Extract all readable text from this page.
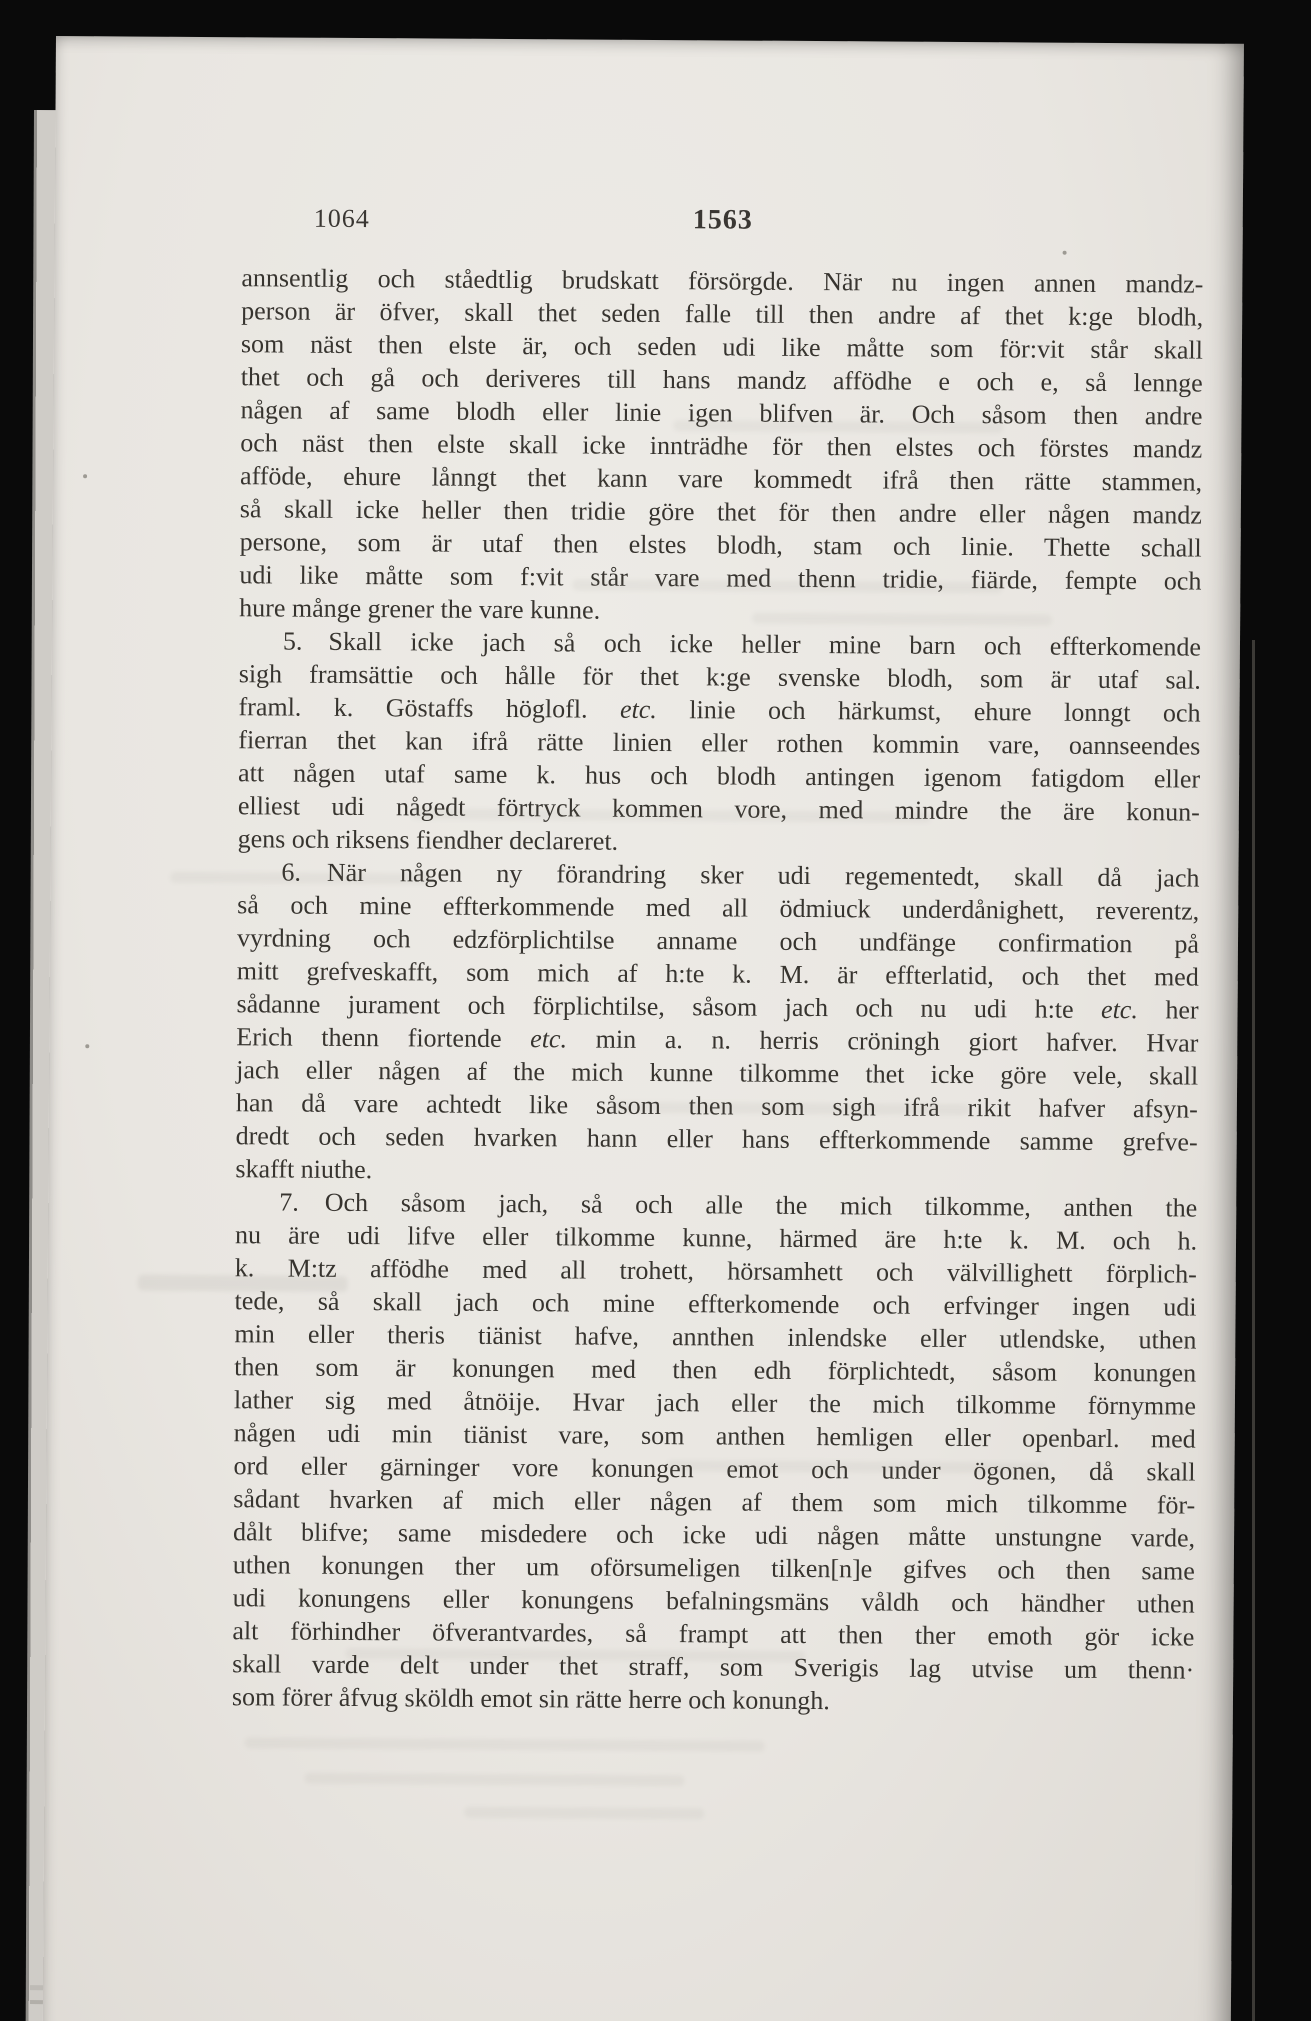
1064	1563
annsentlig och ståedtlig brudskatt försörgde. När nu ingen annen mandz-
person är öfver, skall thet seden falle till then andre af thet k:ge blodh,
som näst then elste är, och seden udi like måtte som för:vit står skall
thet och gå och deriveres till hans mandz affödhe e och e, så lennge
någen af same blodh eller linie igen blifven är. Och såsom then andre
och näst then elste skall icke innträdhe för then elstes och förstes mandz
afföde, ehure lånngt thet kann vare kommedt ifrå then rätte stammen,
så skall icke heller then tridie göre thet för then andre eller någen mandz
persone, som är utaf then elstes blodh, stam och linie. Thette schall
udi like måtte som f:vit står vare med thenn tridie, fiärde, fempte och
hure månge grener the vare kunne.
5.  Skall icke jach så och icke heller mine barn och effterkomende
sigh framsättie och hålle för thet k:ge svenske blodh, som är utaf sal.
framl. k. Göstaffs höglofl. etc. linie och härkumst, ehure lonngt och
fierran thet kan ifrå rätte linien eller rothen kommin vare, oannseendes
att någen utaf same k. hus och blodh antingen igenom fatigdom eller
elliest udi någedt förtryck kommen vore, med mindre the äre konun-
gens och riksens fiendher declareret.
6.  När någen ny förandring sker udi regementedt, skall då jach
så och mine effterkommende med all ödmiuck underdånighett, reverentz,
vyrdning och edzförplichtilse anname och undfänge confirmation på
mitt grefveskafft, som mich af h:te k. M. är effterlatid, och thet med
sådanne jurament och förplichtilse, såsom jach och nu udi h:te etc. her
Erich thenn fiortende etc. min a. n. herris cröningh giort hafver. Hvar
jach eller någen af the mich kunne tilkomme thet icke göre vele, skall
han då vare achtedt like såsom then som sigh ifrå rikit hafver afsyn-
dredt och seden hvarken hann eller hans effterkommende samme grefve-
skafft niuthe.
7.  Och såsom jach, så och alle the mich tilkomme, anthen the
nu äre udi lifve eller tilkomme kunne, härmed äre h:te k. M. och h.
k. M:tz affödhe med all trohett, hörsamhett och välvillighett förplich-
tede, så skall jach och mine effterkomende och erfvinger ingen udi
min eller theris tiänist hafve, annthen inlendske eller utlendske, uthen
then som är konungen med then edh förplichtedt, såsom konungen
lather sig med åtnöije. Hvar jach eller the mich tilkomme förnymme
någen udi min tiänist vare, som anthen hemligen eller openbarl. med
ord eller gärninger vore konungen emot och under ögonen, då skall
sådant hvarken af mich eller någen af them som mich tilkomme för-
dålt blifve; same misdedere och icke udi någen måtte unstungne varde,
uthen konungen ther um oförsumeligen tilken[n]e gifves och then same
udi konungens eller konungens befalningsmäns våldh och händher uthen
alt förhindher öfverantvardes, så frampt att then ther emoth gör icke
skall varde delt under thet straff, som Sverigis lag utvise um thenn·
som förer åfvug sköldh emot sin rätte herre och konungh.
